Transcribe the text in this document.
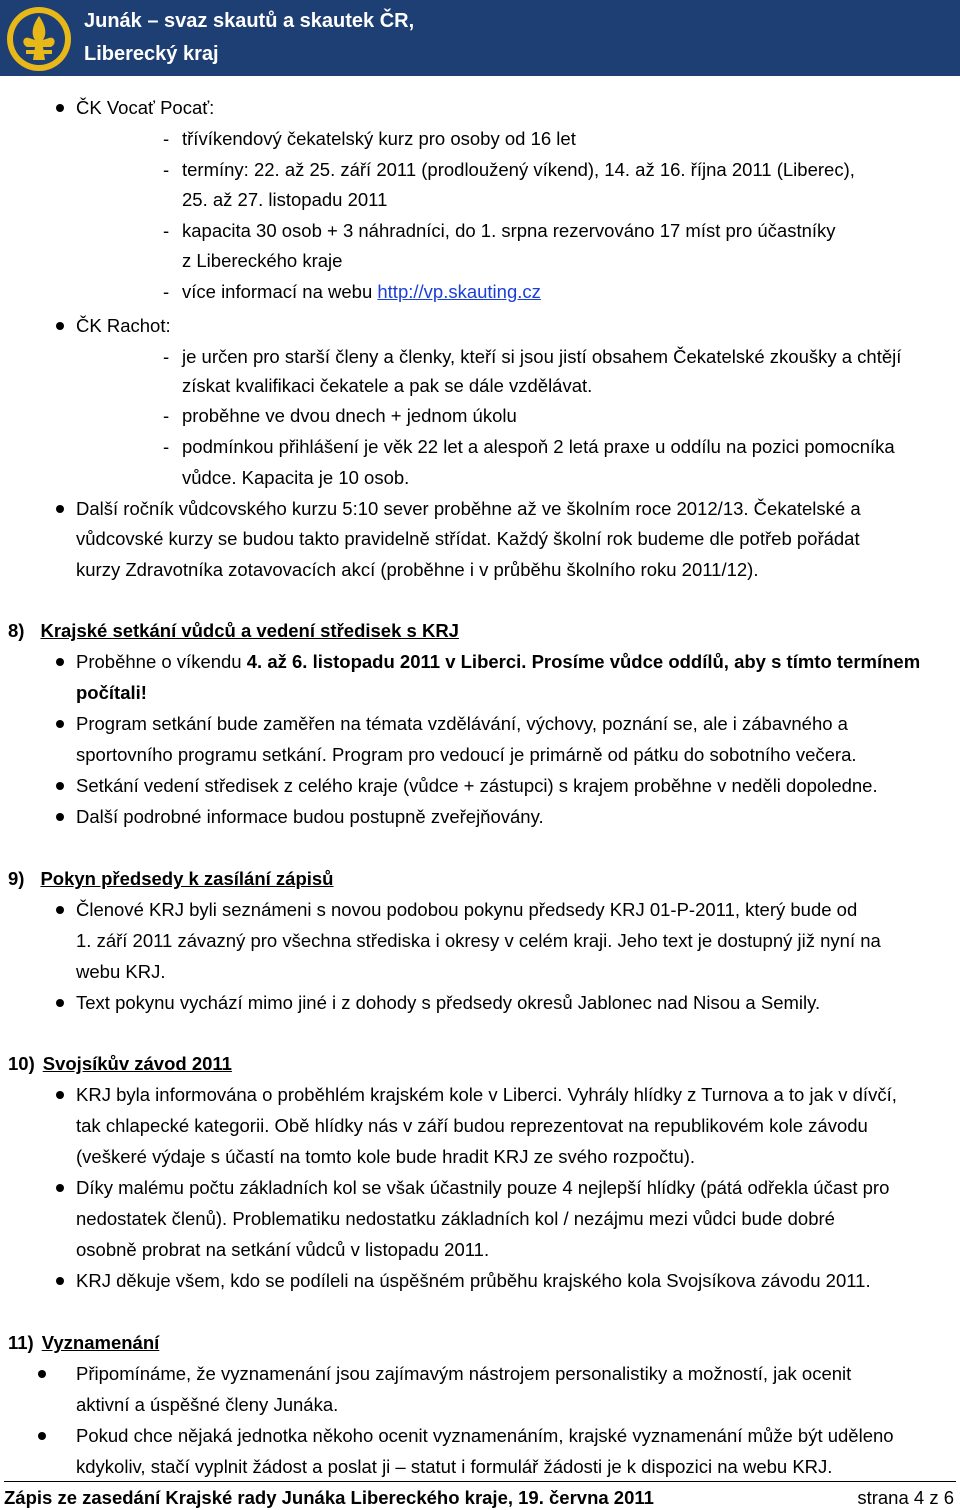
Junák – svaz skautů a skautek ČR,
Liberecký kraj
ČK Vocať Pocať:
- třívíkendový čekatelský kurz pro osoby od 16 let
- termíny: 22. až 25. září 2011 (prodloužený víkend), 14. až 16. října 2011 (Liberec),
25. až 27. listopadu 2011
- kapacita 30 osob + 3 náhradníci, do 1. srpna rezervováno 17 míst pro účastníky
z Libereckého kraje
- více informací na webu http://vp.skauting.cz
ČK Rachot:
- je určen pro starší členy a členky, kteří si jsou jistí obsahem Čekatelské zkoušky a chtějí
získat kvalifikaci čekatele a pak se dále vzdělávat.
- proběhne ve dvou dnech + jednom úkolu
- podmínkou přihlášení je věk 22 let a alespoň 2 letá praxe u oddílu na pozici pomocníka
vůdce. Kapacita je 10 osob.
Další ročník vůdcovského kurzu 5:10 sever proběhne až ve školním roce 2012/13. Čekatelské a
vůdcovské kurzy se budou takto pravidelně střídat. Každý školní rok budeme dle potřeb pořádat
kurzy Zdravotníka zotavovacích akcí (proběhne i v průběhu školního roku 2011/12).
8) Krajské setkání vůdců a vedení středisek s KRJ
Proběhne o víkendu 4. až 6. listopadu 2011 v Liberci. Prosíme vůdce oddílů, aby s tímto termínem
počítali!
Program setkání bude zaměřen na témata vzdělávání, výchovy, poznání se, ale i zábavného a
sportovního programu setkání. Program pro vedoucí je primárně od pátku do sobotního večera.
Setkání vedení středisek z celého kraje (vůdce + zástupci) s krajem proběhne v neděli dopoledne.
Další podrobné informace budou postupně zveřejňovány.
9) Pokyn předsedy k zasílání zápisů
Členové KRJ byli seznámeni s novou podobou pokynu předsedy KRJ 01-P-2011, který bude od
1. září 2011 závazný pro všechna střediska i okresy v celém kraji. Jeho text je dostupný již nyní na
webu KRJ.
Text pokynu vychází mimo jiné i z dohody s předsedy okresů Jablonec nad Nisou a Semily.
10) Svojsíkův závod 2011
KRJ byla informována o proběhlém krajském kole v Liberci. Vyhrály hlídky z Turnova a to jak v dívčí,
tak chlapecké kategorii. Obě hlídky nás v září budou reprezentovat na republikovém kole závodu
(veškeré výdaje s účastí na tomto kole bude hradit KRJ ze svého rozpočtu).
Díky malému počtu základních kol se však účastnily pouze 4 nejlepší hlídky (pátá odřekla účast pro
nedostatek členů). Problematiku nedostatku základních kol / nezájmu mezi vůdci bude dobré
osobně probrat na setkání vůdců v listopadu 2011.
KRJ děkuje všem, kdo se podíleli na úspěšném průběhu krajského kola Svojsíkova závodu 2011.
11) Vyznamenání
Připomínáme, že vyznamenání jsou zajímavým nástrojem personalistiky a možností, jak ocenit
aktivní a úspěšné členy Junáka.
Pokud chce nějaká jednotka někoho ocenit vyznamenáním, krajské vyznamenání může být uděleno
kdykoliv, stačí vyplnit žádost a poslat ji – statut i formulář žádosti je k dispozici na webu KRJ.
Zápis ze zasedání Krajské rady Junáka Libereckého kraje, 19. června 2011	strana 4 z 6
